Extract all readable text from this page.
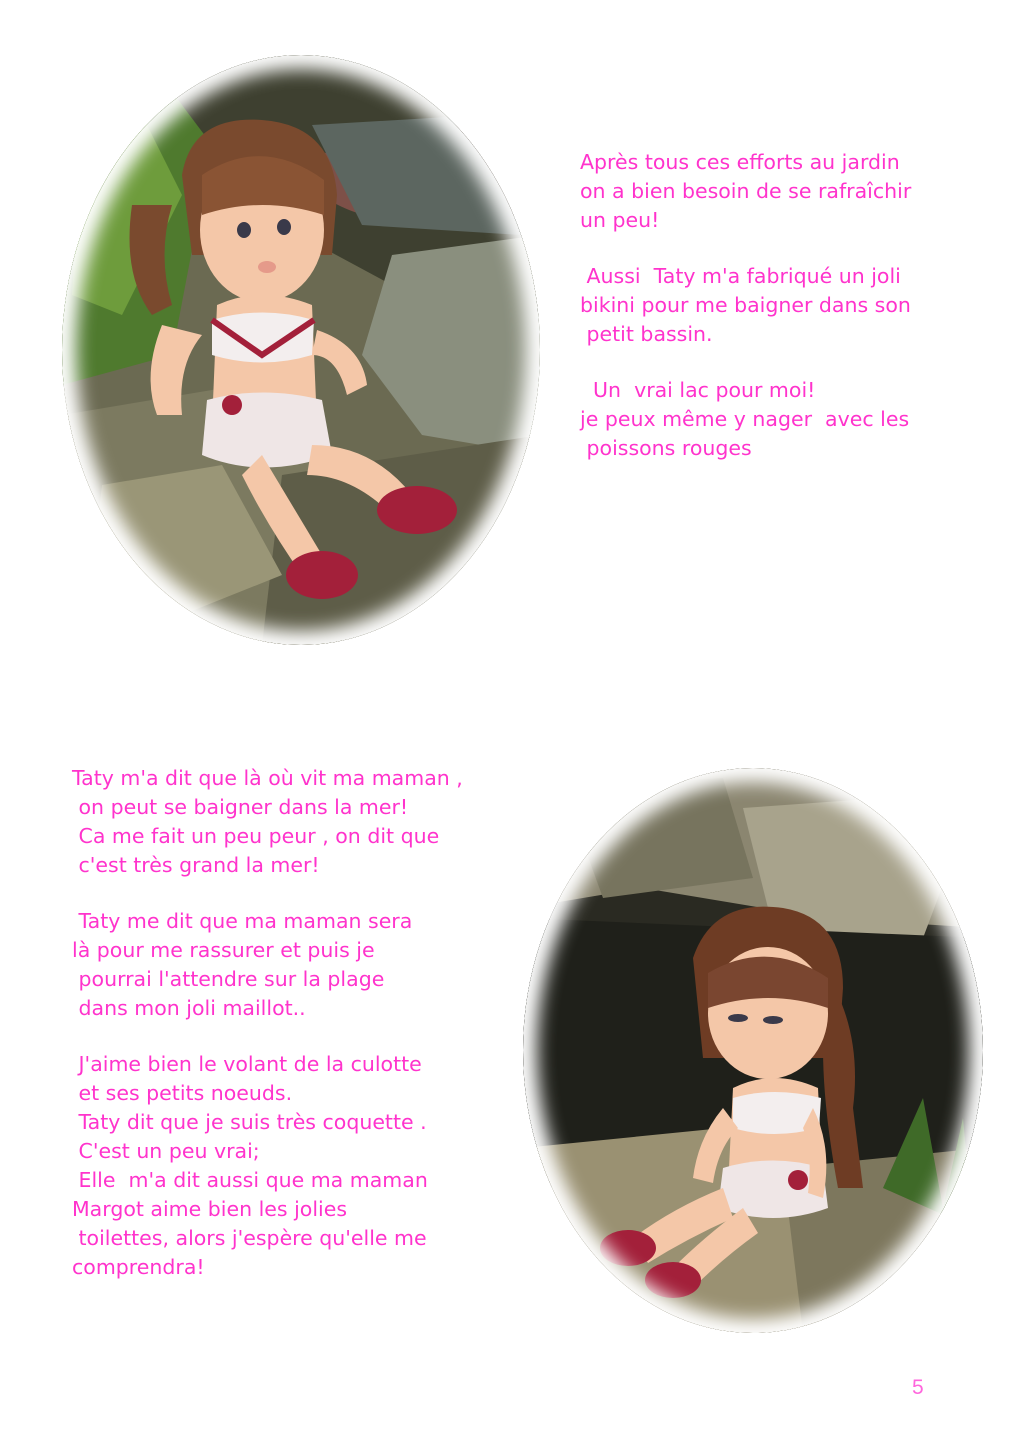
Après tous ces efforts au jardin

on a bien besoin de se rafraîchir

un peu!

Aussi  Taty m'a fabriqué un joli

bikini pour me baigner dans son

petit bassin.

Un  vrai lac pour moi!

je peux même y nager  avec les

poissons rouges

Taty m'a dit que là où vit ma maman ,

on peut se baigner dans la mer!

Ca me fait un peu peur , on dit que

c'est très grand la mer!

Taty me dit que ma maman sera

là pour me rassurer et puis je

pourrai l'attendre sur la plage

dans mon joli maillot..

J'aime bien le volant de la culotte

et ses petits noeuds.

Taty dit que je suis très coquette .

C'est un peu vrai;

Elle  m'a dit aussi que ma maman

Margot aime bien les jolies

toilettes, alors j'espère qu'elle me

comprendra!

5
